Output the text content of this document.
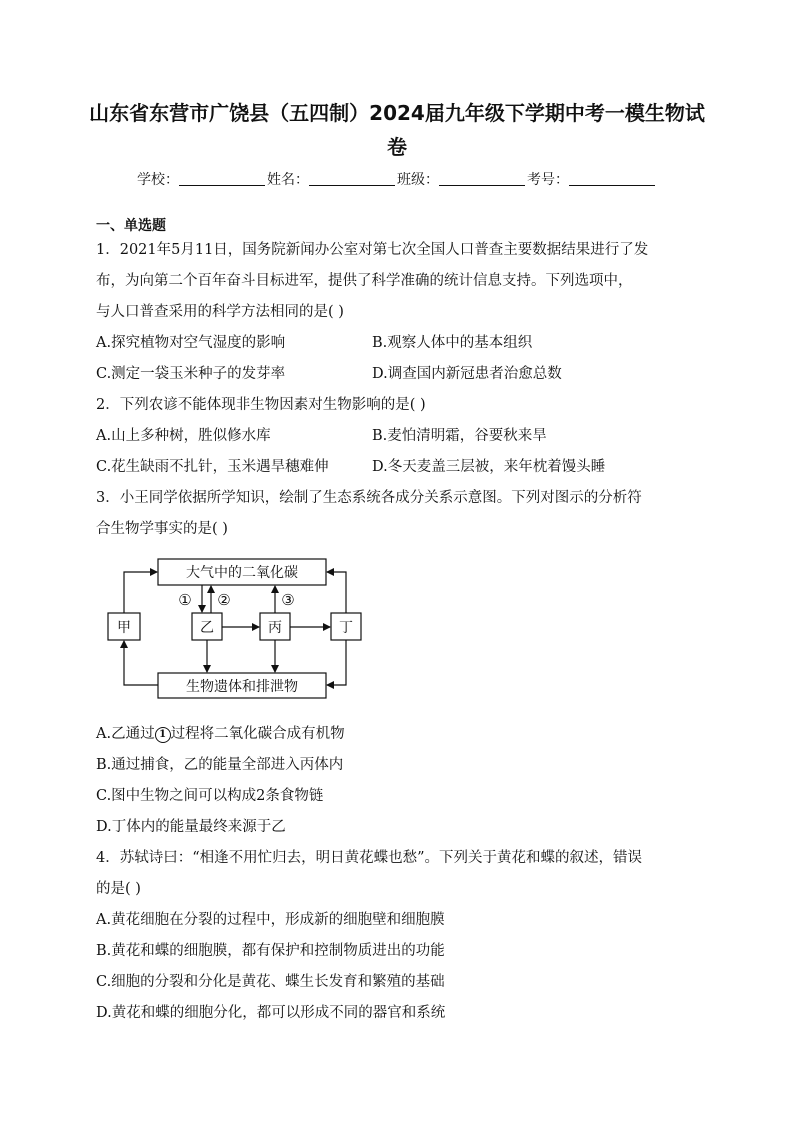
山东省东营市广饶县（五四制）2024届九年级下学期中考一模生物试
卷
学校：	姓名：	班级：	考号：
一、单选题
1．2021年5月11日，国务院新闻办公室对第七次全国人口普查主要数据结果进行了发
布，为向第二个百年奋斗目标进军，提供了科学准确的统计信息支持。下列选项中，
与人口普查采用的科学方法相同的是( )
A.探究植物对空气湿度的影响	B.观察人体中的基本组织
C.测定一袋玉米种子的发芽率	D.调查国内新冠患者治愈总数
2．下列农谚不能体现非生物因素对生物影响的是( )
A.山上多种树，胜似修水库	B.麦怕清明霜，谷要秋来旱
C.花生缺雨不扎针，玉米遇旱穗难伸	D.冬天麦盖三层被，来年枕着馒头睡
3．小王同学依据所学知识，绘制了生态系统各成分关系示意图。下列对图示的分析符
合生物学事实的是( )
大气中的二氧化碳
生物遗体和排泄物
甲	乙	丙	丁
① ②	③
A.乙通过 1 过程将二氧化碳合成有机物
B.通过捕食，乙的能量全部进入丙体内
C.图中生物之间可以构成2条食物链
D.丁体内的能量最终来源于乙
4．苏轼诗曰：“相逢不用忙归去，明日黄花蝶也愁”。下列关于黄花和蝶的叙述，错误
的是( )
A.黄花细胞在分裂的过程中，形成新的细胞壁和细胞膜
B.黄花和蝶的细胞膜，都有保护和控制物质进出的功能
C.细胞的分裂和分化是黄花、蝶生长发育和繁殖的基础
D.黄花和蝶的细胞分化，都可以形成不同的器官和系统
